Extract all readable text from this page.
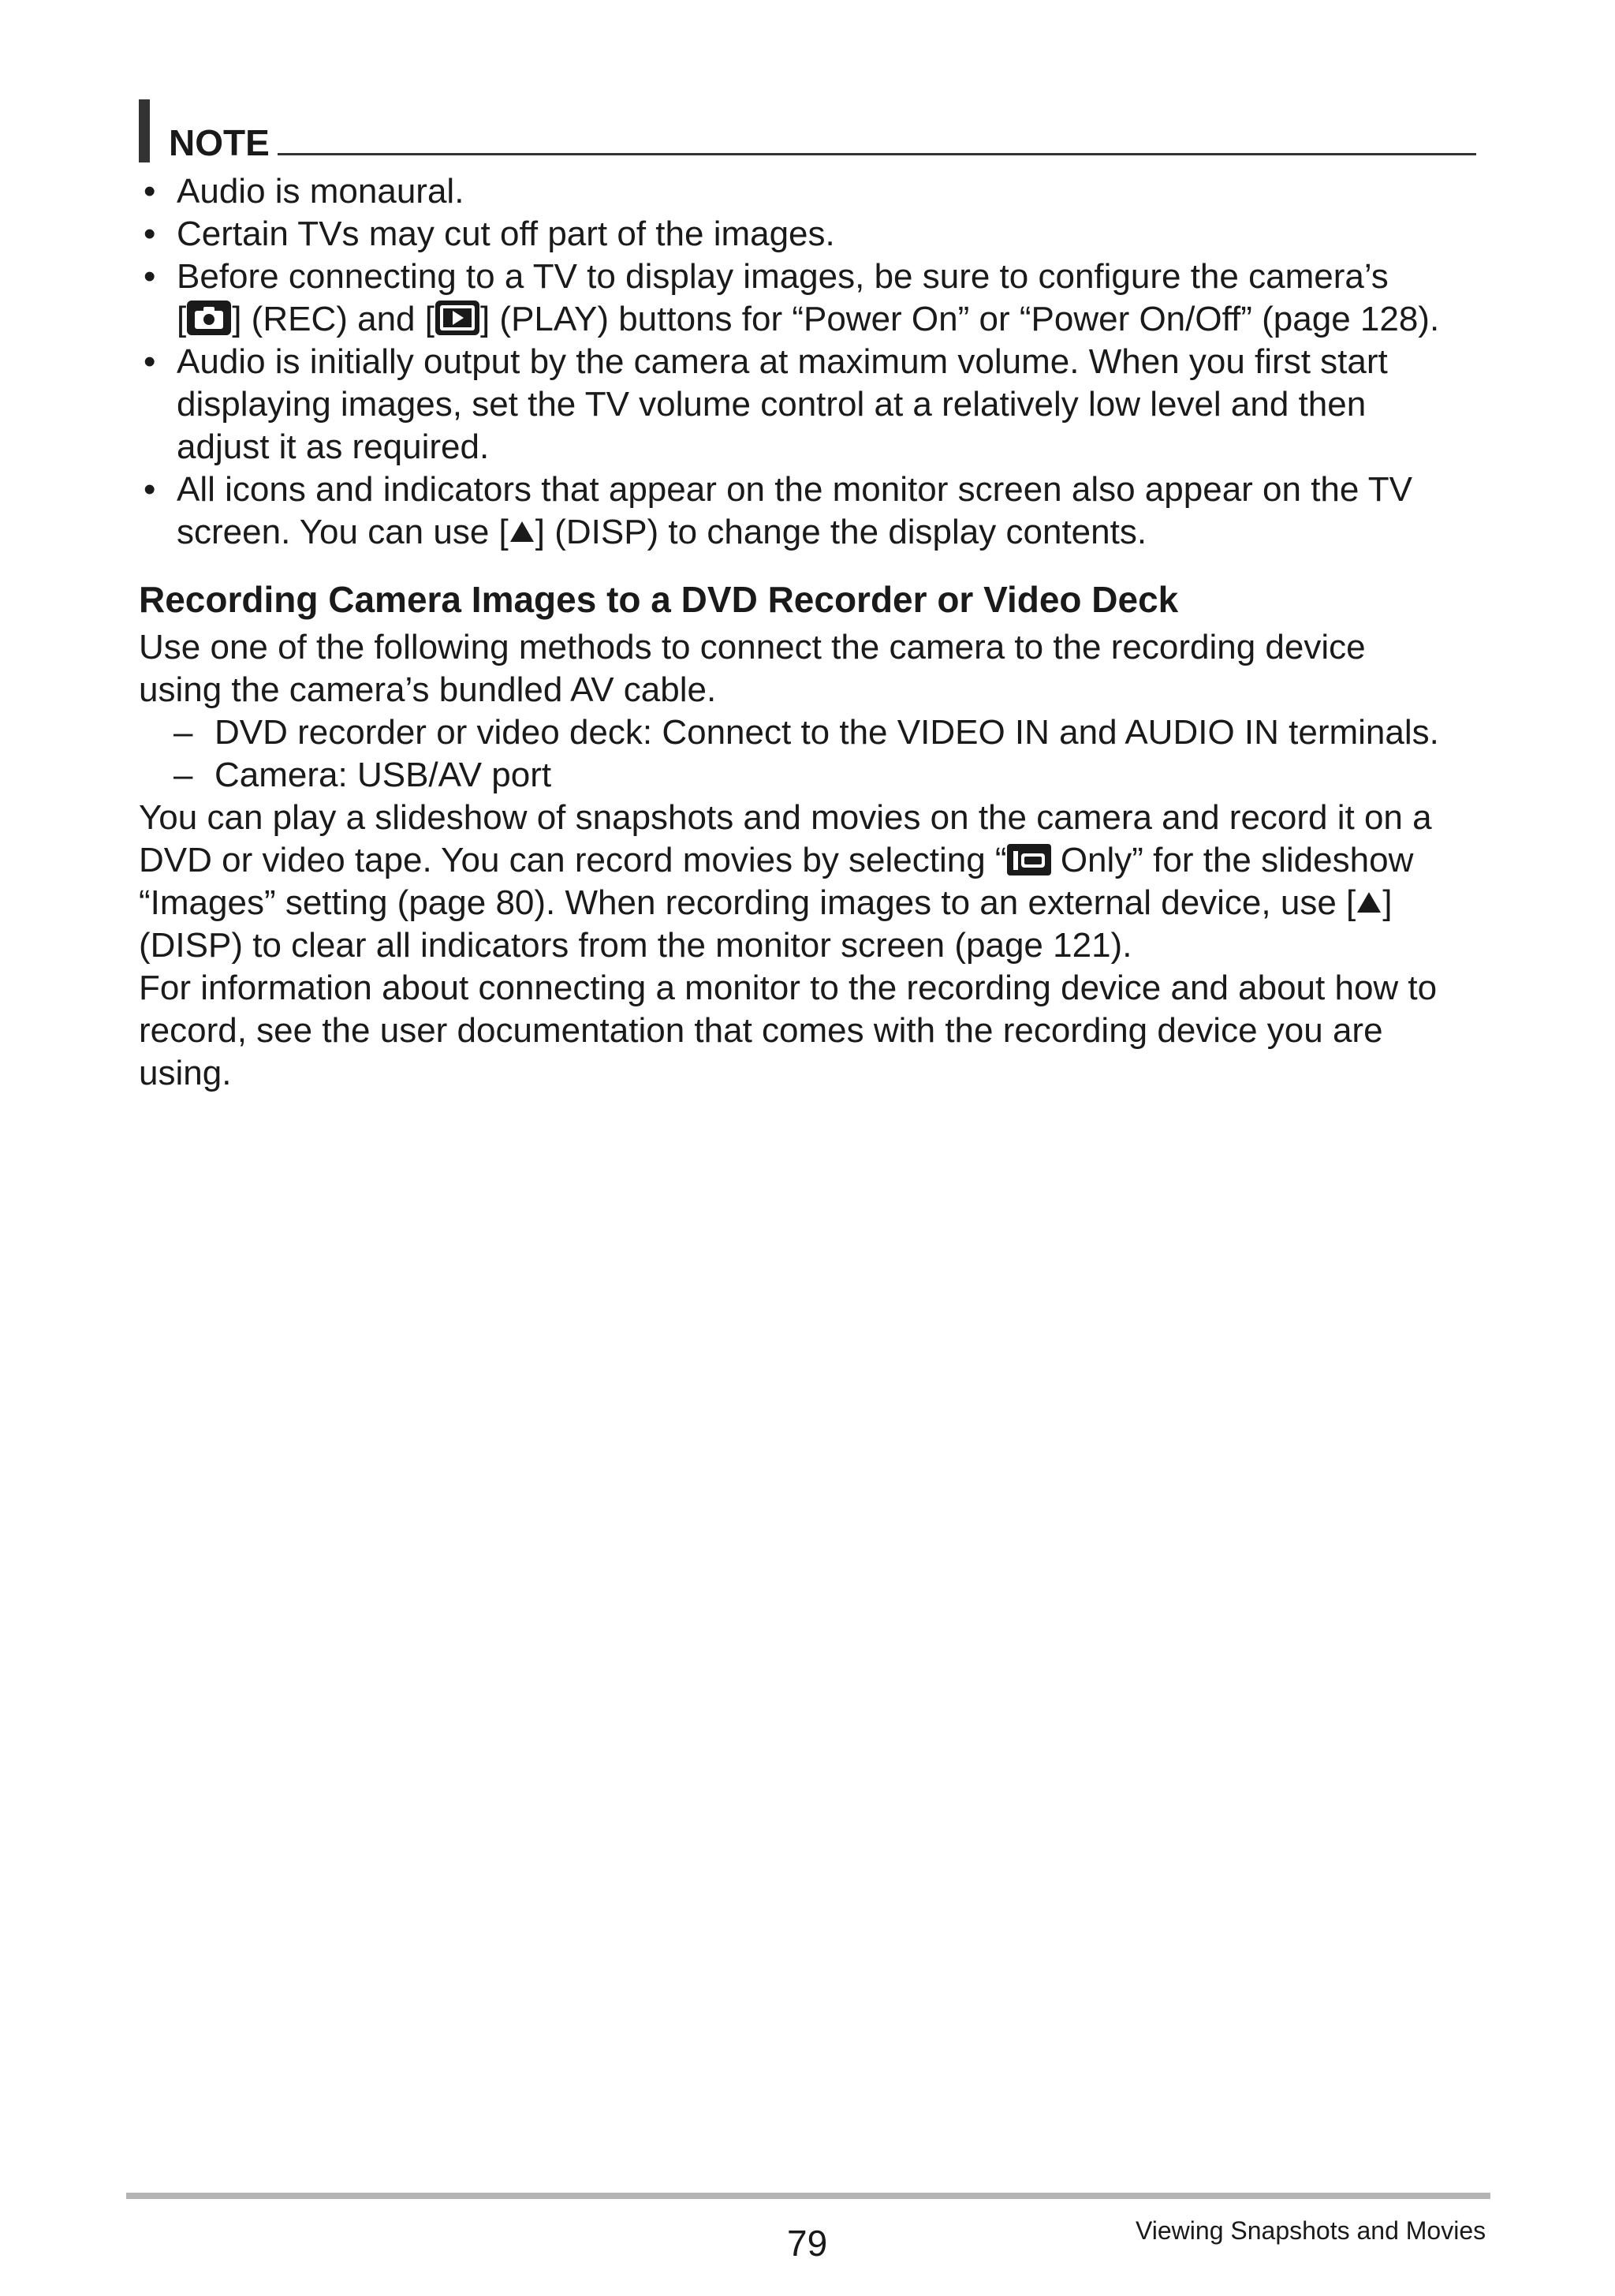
NOTE
• Audio is monaural.
• Certain TVs may cut off part of the images.
• Before connecting to a TV to display images, be sure to configure the camera’s
[ ] (REC) and [ ] (PLAY) buttons for “Power On” or “Power On/Off” (page 128).
• Audio is initially output by the camera at maximum volume. When you first start
displaying images, set the TV volume control at a relatively low level and then
adjust it as required.
• All icons and indicators that appear on the monitor screen also appear on the TV
screen. You can use [ ] (DISP) to change the display contents.
Recording Camera Images to a DVD Recorder or Video Deck
Use one of the following methods to connect the camera to the recording device
using the camera’s bundled AV cable.
– DVD recorder or video deck: Connect to the VIDEO IN and AUDIO IN terminals.
– Camera: USB/AV port
You can play a slideshow of snapshots and movies on the camera and record it on a
DVD or video tape. You can record movies by selecting “ Only” for the slideshow
“Images” setting (page 80). When recording images to an external device, use [ ]
(DISP) to clear all indicators from the monitor screen (page 121).
For information about connecting a monitor to the recording device and about how to
record, see the user documentation that comes with the recording device you are
using.
79	Viewing Snapshots and Movies
